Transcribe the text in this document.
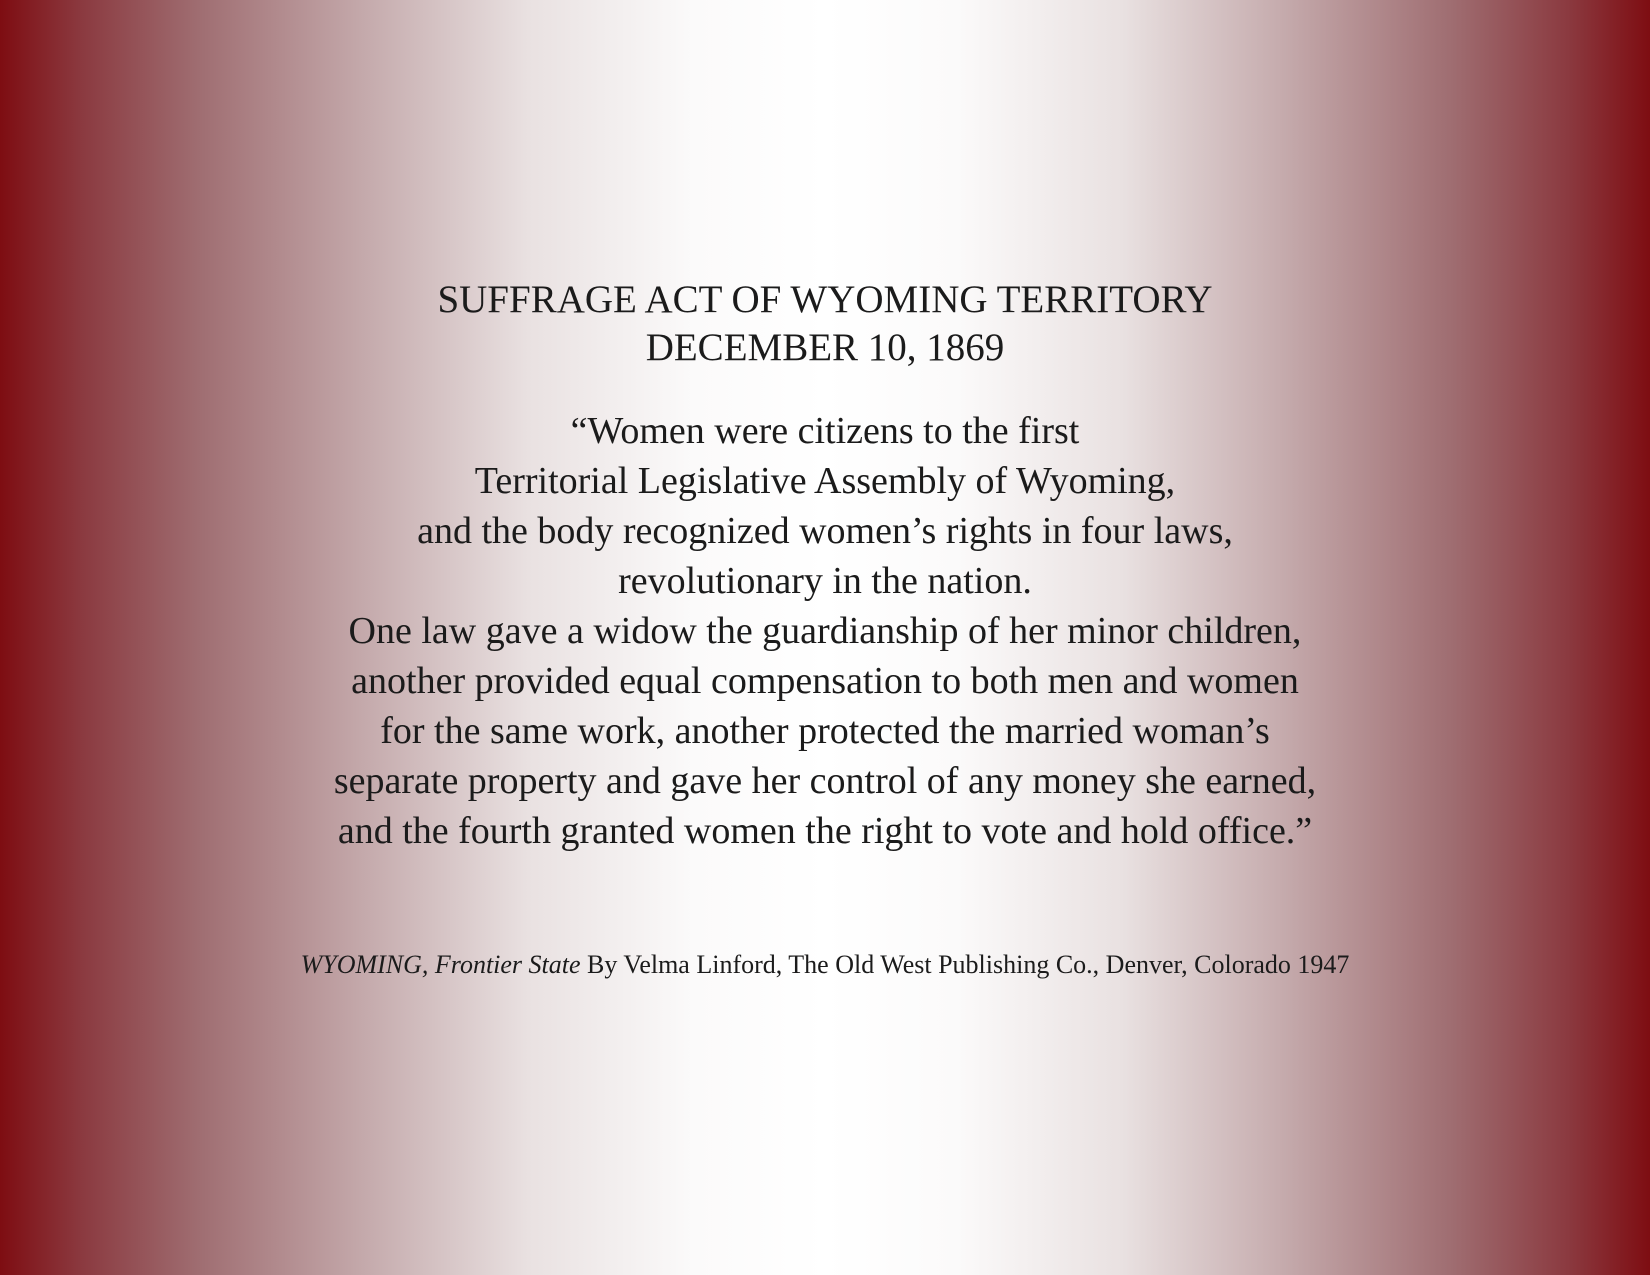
SUFFRAGE ACT OF WYOMING TERRITORY
DECEMBER 10, 1869
“Women were citizens to the first
Territorial Legislative Assembly of Wyoming,
and the body recognized women’s rights in four laws,
revolutionary in the nation.
One law gave a widow the guardianship of her minor children,
another provided equal compensation to both men and women
for the same work, another protected the married woman’s
separate property and gave her control of any money she earned,
and the fourth granted women the right to vote and hold office.”
WYOMING, Frontier State By Velma Linford, The Old West Publishing Co., Denver, Colorado 1947
